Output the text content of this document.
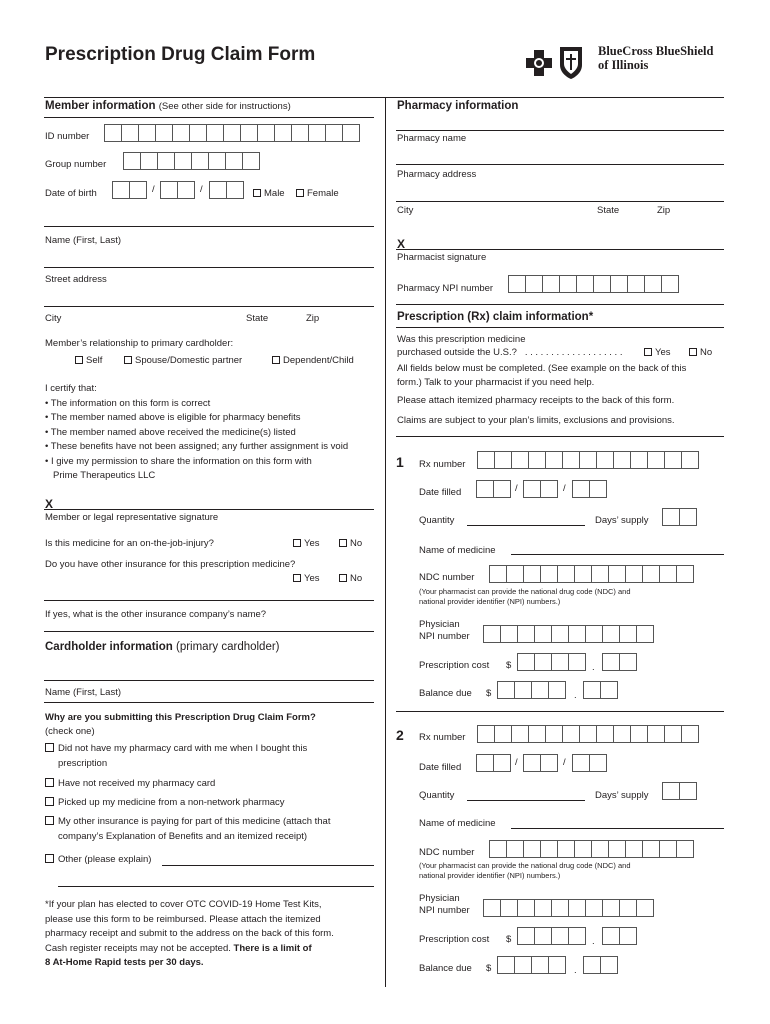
Prescription Drug Claim Form	BlueCross BlueShield
of Illinois
Member information (See other side for instructions)
ID number
Group number
Date of birth	/	/	Male	Female
Name (First, Last)
Street address
City	State	Zip
Member’s relationship to primary cardholder:
Self	Spouse/Domestic partner	Dependent/Child
I certify that:
• The information on this form is correct
• The member named above is eligible for pharmacy benefits
• The member named above received the medicine(s) listed
• These benefits have not been assigned; any further assignment is void
• I give my permission to share the information on this form with
Prime Therapeutics LLC
X
Member or legal representative signature
Is this medicine for an on-the-job-injury?	Yes	No
Do you have other insurance for this prescription medicine?
Yes	No
If yes, what is the other insurance company’s name?
Cardholder information (primary cardholder)
Name (First, Last)
Why are you submitting this Prescription Drug Claim Form?
(check one)
Did not have my pharmacy card with me when I bought this
prescription
Have not received my pharmacy card
Picked up my medicine from a non-network pharmacy
My other insurance is paying for part of this medicine (attach that
company’s Explanation of Benefits and an itemized receipt)
Other (please explain)
*If your plan has elected to cover OTC COVID-19 Home Test Kits,
please use this form to be reimbursed. Please attach the itemized
pharmacy receipt and submit to the address on the back of this form.
Cash register receipts may not be accepted. There is a limit of
8 At-Home Rapid tests per 30 days.
Pharmacy information
Pharmacy name
Pharmacy address
City	State	Zip
X
Pharmacist signature
Pharmacy NPI number
Prescription (Rx) claim information*
Was this prescription medicine
purchased outside the U.S.? . . . . . . . . . . . . . . . . . . .	Yes	No
All fields below must be completed. (See example on the back of this
form.) Talk to your pharmacist if you need help.
Please attach itemized pharmacy receipts to the back of this form.
Claims are subject to your plan’s limits, exclusions and provisions.
1 Rx number
Date filled	/	/
Quantity	Days’ supply
Name of medicine
NDC number
(Your pharmacist can provide the national drug code (NDC) and
national provider identifier (NPI) numbers.)
Physician
NPI number
Prescription cost $	.
Balance due $	.
2 Rx number
Date filled	/	/
Quantity	Days’ supply
Name of medicine
NDC number
(Your pharmacist can provide the national drug code (NDC) and
national provider identifier (NPI) numbers.)
Physician
NPI number
Prescription cost $	.
Balance due $	.
